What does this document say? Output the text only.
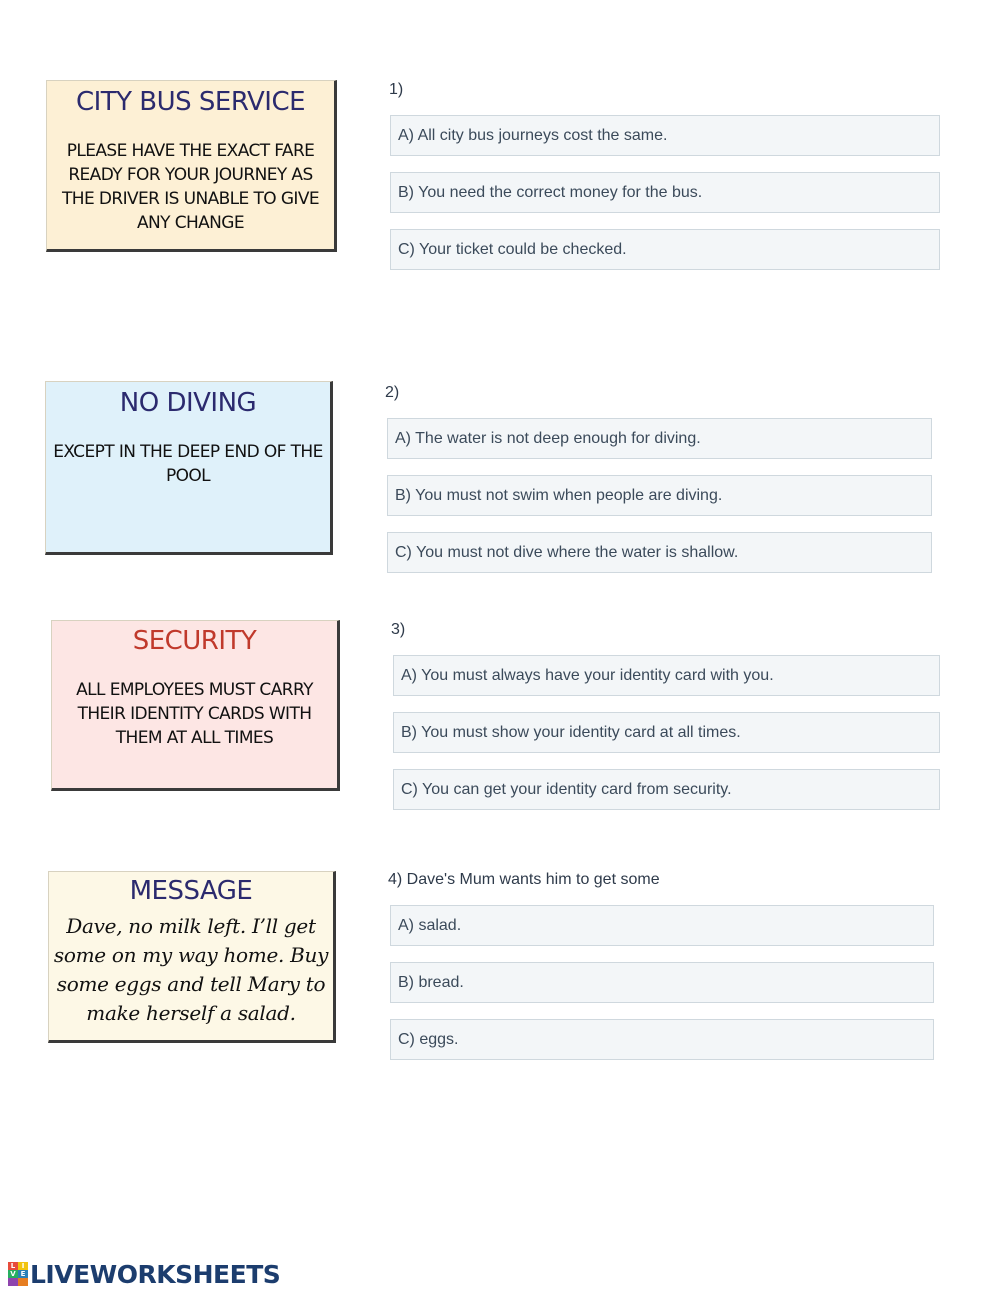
CITY BUS SERVICE
PLEASE HAVE THE EXACT FARE
READY FOR YOUR JOURNEY AS
THE DRIVER IS UNABLE TO GIVE
ANY CHANGE
1)
A) All city bus journeys cost the same.
B) You need the correct money for the bus.
C) Your ticket could be checked.
NO DIVING
EXCEPT IN THE DEEP END OF THE
POOL
2)
A) The water is not deep enough for diving.
B) You must not swim when people are diving.
C) You must not dive where the water is shallow.
SECURITY
ALL EMPLOYEES MUST CARRY
THEIR IDENTITY CARDS WITH
THEM AT ALL TIMES
3)
A) You must always have your identity card with you.
B) You must show your identity card at all times.
C) You can get your identity card from security.
MESSAGE
Dave, no milk left. I’ll get
some on my way home. Buy
some eggs and tell Mary to
make herself a salad.
4) Dave's Mum wants him to get some
A) salad.
B) bread.
C) eggs.
L I
V E LIVEWORKSHEETS
